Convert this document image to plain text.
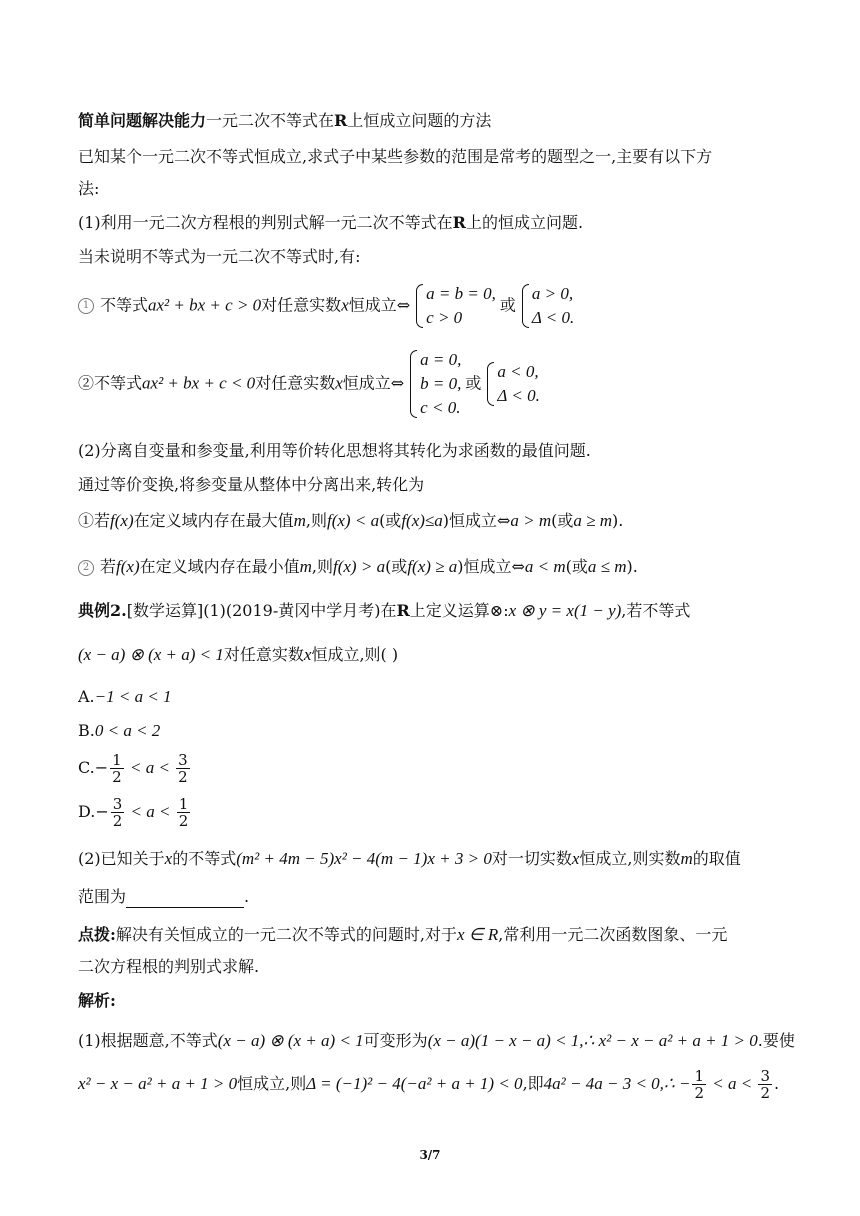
简单问题解决能力一元二次不等式在R上恒成立问题的方法
已知某个一元二次不等式恒成立,求式子中某些参数的范围是常考的题型之一,主要有以下方
法:
(1)利用一元二次方程根的判别式解一元二次不等式在R上的恒成立问题.
当未说明不等式为一元二次不等式时,有:
1 不等式ax² + bx + c > 0对任意实数x恒成立⇔
a = b = 0,
c > 0
或
a > 0,
Δ < 0.
②不等式ax² + bx + c < 0对任意实数x恒成立⇔
a = 0,
b = 0,
c < 0.
或
a < 0,
Δ < 0.
(2)分离自变量和参变量,利用等价转化思想将其转化为求函数的最值问题.
通过等价变换,将参变量从整体中分离出来,转化为
①若f(x)在定义域内存在最大值m,则f(x) < a(或f(x)≤a)恒成立⇔a > m(或a ≥ m).
2 若f(x)在定义域内存在最小值m,则f(x) > a(或f(x) ≥ a)恒成立⇔a < m(或a ≤ m).
典例2.[数学运算](1)(2019-黄冈中学月考)在R上定义运算⊗:x ⊗ y = x(1 − y),若不等式
(x − a) ⊗ (x + a) < 1对任意实数x恒成立,则( )
A.−1 < a < 1
B.0 < a < 2
$C.- \frac{1}{2} < a < \frac{3}{2}$
$D.- \frac{3}{2} < a < \frac{1}{2}$
(2)已知关于x的不等式(m² + 4m − 5)x² − 4(m − 1)x + 3 > 0对一切实数x恒成立,则实数m的取值
范围为	.
点拨:解决有关恒成立的一元二次不等式的问题时,对于x ∈ R,常利用一元二次函数图象、一元
二次方程根的判别式求解.
解析:
(1)根据题意,不等式(x − a) ⊗ (x + a) < 1可变形为(x − a)(1 − x − a) < 1,∴ x² − x − a² + a + 1 > 0.要使
x² − x − a² + a + 1 > 0恒成立,则Δ = (−1)² − 4(−a² + a + 1) < 0,即4a² − 4a − 3 < 0,∴ − $\frac{1}{2} < a < \frac{3}{2}$ .
3/7
